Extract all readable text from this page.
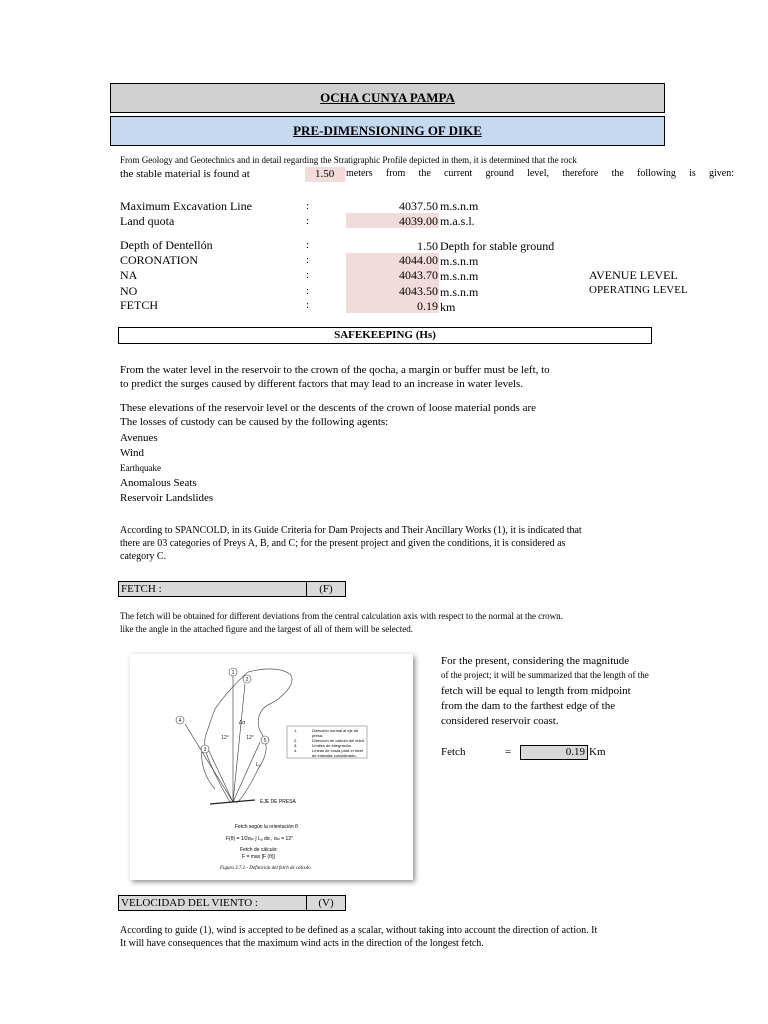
OCHA CUNYA PAMPA
PRE-DIMENSIONING OF DIKE
From Geology and Geotechnics and in detail regarding the Stratigraphic Profile depicted in them, it is determined that the rock
the stable material is found at	1.50 meters from the current ground level, therefore the following is given:
Maximum Excavation Line	:	4037.50 m.s.n.m
Land quota	:	4039.00 m.a.s.l.
Depth of Dentellón	:	1.50 Depth for stable ground
CORONATION	:	4044.00 m.s.n.m
NA	:	4043.70 m.s.n.m	AVENUE LEVEL
NO	:	4043.50 m.s.n.m	OPERATING LEVEL
FETCH	:	0.19 km
SAFEKEEPING (Hs)
From the water level in the reservoir to the crown of the qocha, a margin or buffer must be left, to
to predict the surges caused by different factors that may lead to an increase in water levels.
These elevations of the reservoir level or the descents of the crown of loose material ponds are
The losses of custody can be caused by the following agents:
Avenues
Wind
Earthquake
Anomalous Seats
Reservoir Landslides
According to SPANCOLD, in its Guide Criteria for Dam Projects and Their Ancillary Works (1), it is indicated that
there are 03 categories of Preys A, B, and C; for the present project and given the conditions, it is considered as
category C.
FETCH :	(F)
The fetch will be obtained for different deviations from the central calculation axis with respect to the normal at the crown.
like the angle in the attached figure and the largest of all of them will be selected.
1
2
4
3
5
12°	12°
Lₐ
Δα
1.	Dirección normal al eje de
presa.
2.	Dirección de cálculo del fetch.
3.	Límites de integración.
4.	Líneas de costa para el nivel
de embalse considerado.
EJE DE PRESA
Fetch según la orientación θ
F(θ) = 1/2αₘ ∫ Lₐ dα , αₘ = 12°
Fetch de cálculo:
F = max [F (θ)]
Figura 3.7.1.- Definición del fetch de cálculo
For the present, considering the magnitude
of the project; it will be summarized that the length of the
fetch will be equal to length from midpoint
from the dam to the farthest edge of the
considered reservoir coast.
Fetch	=	0.19 Km
VELOCIDAD DEL VIENTO :	(V)
According to guide (1), wind is accepted to be defined as a scalar, without taking into account the direction of action. It
It will have consequences that the maximum wind acts in the direction of the longest fetch.
